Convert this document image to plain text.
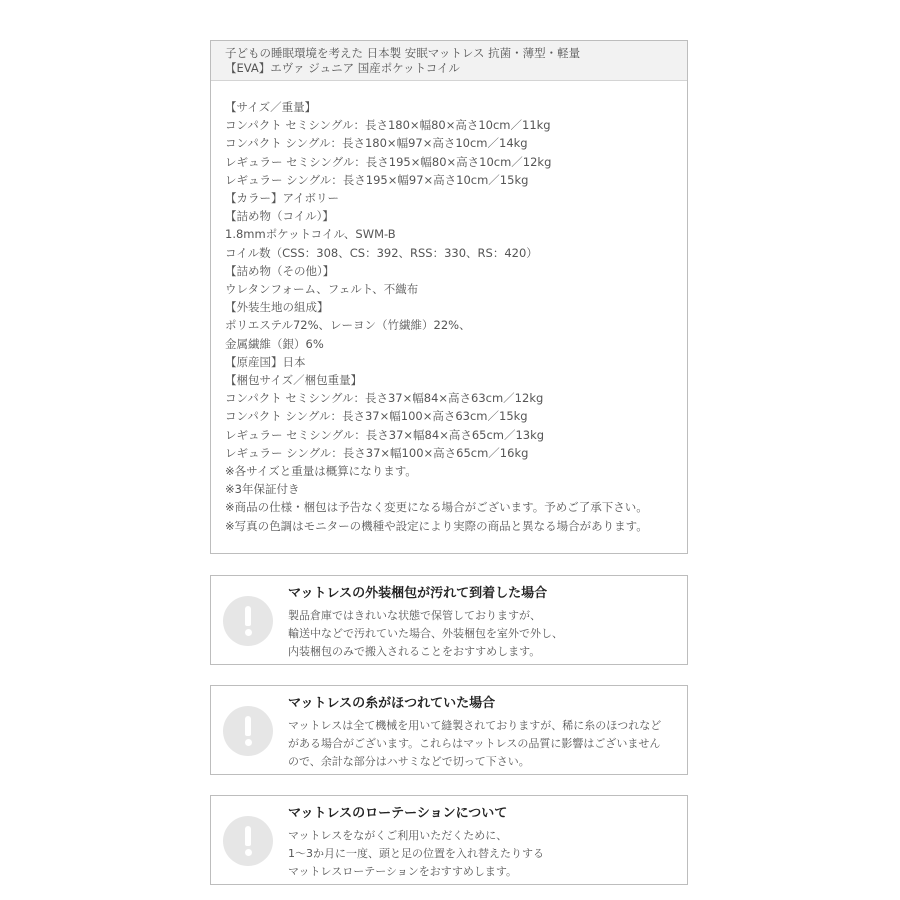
子どもの睡眠環境を考えた 日本製 安眠マットレス 抗菌・薄型・軽量
【EVA】エヴァ ジュニア 国産ポケットコイル
【サイズ／重量】
コンパクト セミシングル：長さ180×幅80×高さ10cm／11kg
コンパクト シングル：長さ180×幅97×高さ10cm／14kg
レギュラー セミシングル：長さ195×幅80×高さ10cm／12kg
レギュラー シングル：長さ195×幅97×高さ10cm／15kg
【カラー】アイボリー
【詰め物（コイル）】
1.8mmポケットコイル、SWM-B
コイル数（CSS：308、CS：392、RSS：330、RS：420）
【詰め物（その他）】
ウレタンフォーム、フェルト、不織布
【外装生地の組成】
ポリエステル72%、レーヨン（竹繊維）22%、
金属繊維（銀）6%
【原産国】日本
【梱包サイズ／梱包重量】
コンパクト セミシングル：長さ37×幅84×高さ63cm／12kg
コンパクト シングル：長さ37×幅100×高さ63cm／15kg
レギュラー セミシングル：長さ37×幅84×高さ65cm／13kg
レギュラー シングル：長さ37×幅100×高さ65cm／16kg
※各サイズと重量は概算になります。
※3年保証付き
※商品の仕様・梱包は予告なく変更になる場合がございます。予めご了承下さい。
※写真の色調はモニターの機種や設定により実際の商品と異なる場合があります。
マットレスの外装梱包が汚れて到着した場合
製品倉庫ではきれいな状態で保管しておりますが、
輸送中などで汚れていた場合、外装梱包を室外で外し、
内装梱包のみで搬入されることをおすすめします。
マットレスの糸がほつれていた場合
マットレスは全て機械を用いて縫製されておりますが、稀に糸のほつれなど
がある場合がございます。これらはマットレスの品質に影響はございません
ので、余計な部分はハサミなどで切って下さい。
マットレスのローテーションについて
マットレスをながくご利用いただくために、
1〜3か月に一度、頭と足の位置を入れ替えたりする
マットレスローテーションをおすすめします。
